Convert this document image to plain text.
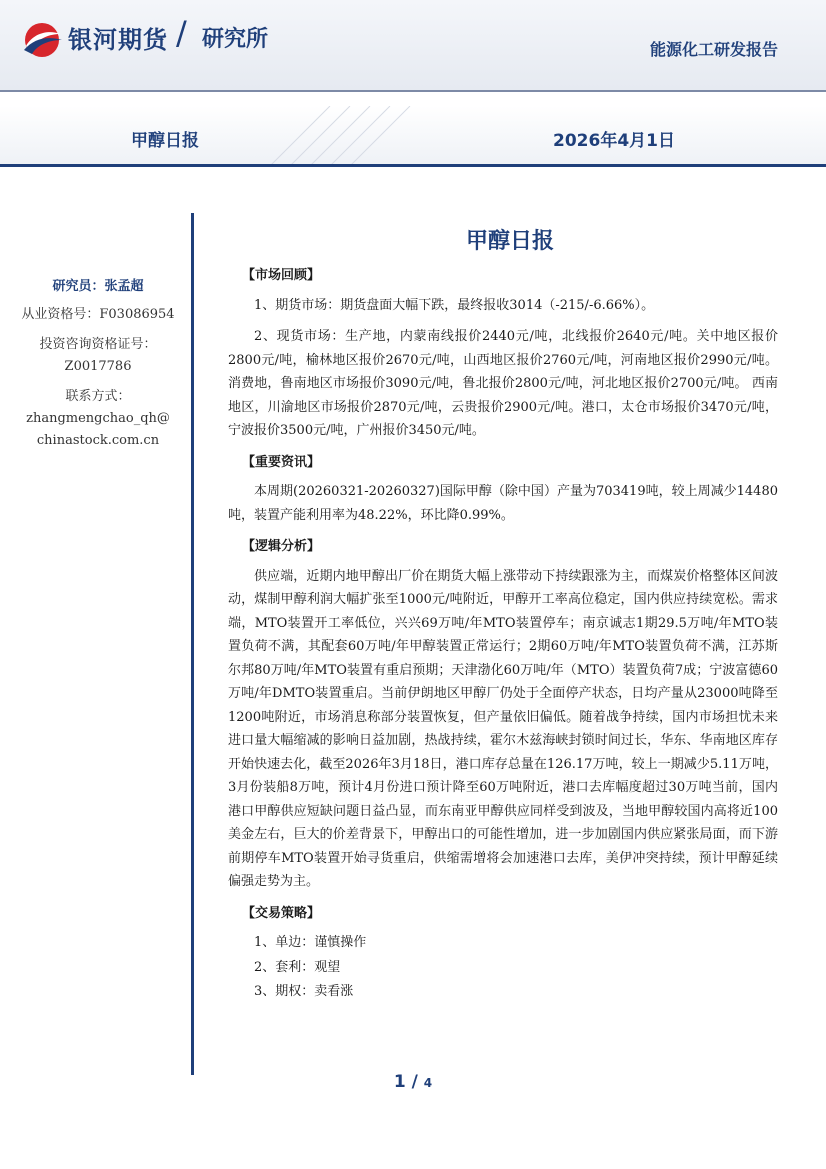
银河期货 / 研究所	能源化工研发报告
甲醇日报	2026年4月1日
研究员：张孟超
从业资格号：F03086954
投资咨询资格证号：
Z0017786
联系方式：
zhangmengchao_qh@
chinastock.com.cn
甲醇日报
【市场回顾】

1、期货市场：期货盘面大幅下跌，最终报收3014（-215/-6.66%）。

2、现货市场：生产地，内蒙南线报价2440元/吨，北线报价2640元/吨。关中地区报价2800元/吨，榆林地区报价2670元/吨，山西地区报价2760元/吨，河南地区报价2990元/吨。消费地，鲁南地区市场报价3090元/吨，鲁北报价2800元/吨，河北地区报价2700元/吨。 西南地区，川渝地区市场报价2870元/吨，云贵报价2900元/吨。港口，太仓市场报价3470元/吨，宁波报价3500元/吨，广州报价3450元/吨。

【重要资讯】

本周期(20260321-20260327)国际甲醇（除中国）产量为703419吨，较上周减少14480吨，装置产能利用率为48.22%，环比降0.99%。

【逻辑分析】

供应端，近期内地甲醇出厂价在期货大幅上涨带动下持续跟涨为主，而煤炭价格整体区间波动，煤制甲醇利润大幅扩张至1000元/吨附近，甲醇开工率高位稳定，国内供应持续宽松。需求端，MTO装置开工率低位，兴兴69万吨/年MTO装置停车；南京诚志1期29.5万吨/年MTO装置负荷不满，其配套60万吨/年甲醇装置正常运行；2期60万吨/年MTO装置负荷不满，江苏斯尔邦80万吨/年MTO装置有重启预期；天津渤化60万吨/年（MTO）装置负荷7成；宁波富德60万吨/年DMTO装置重启。当前伊朗地区甲醇厂仍处于全面停产状态，日均产量从23000吨降至1200吨附近，市场消息称部分装置恢复，但产量依旧偏低。随着战争持续，国内市场担忧未来进口量大幅缩减的影响日益加剧，热战持续，霍尔木兹海峡封锁时间过长，华东、华南地区库存开始快速去化，截至2026年3月18日，港口库存总量在126.17万吨，较上一期减少5.11万吨，3月份装船8万吨，预计4月份进口预计降至60万吨附近，港口去库幅度超过30万吨当前，国内港口甲醇供应短缺问题日益凸显，而东南亚甲醇供应同样受到波及，当地甲醇较国内高将近100美金左右，巨大的价差背景下，甲醇出口的可能性增加，进一步加剧国内供应紧张局面，而下游前期停车MTO装置开始寻货重启，供缩需增将会加速港口去库，美伊冲突持续，预计甲醇延续偏强走势为主。

【交易策略】

1、单边：谨慎操作

2、套利：观望

3、期权：卖看涨

1 / 4
